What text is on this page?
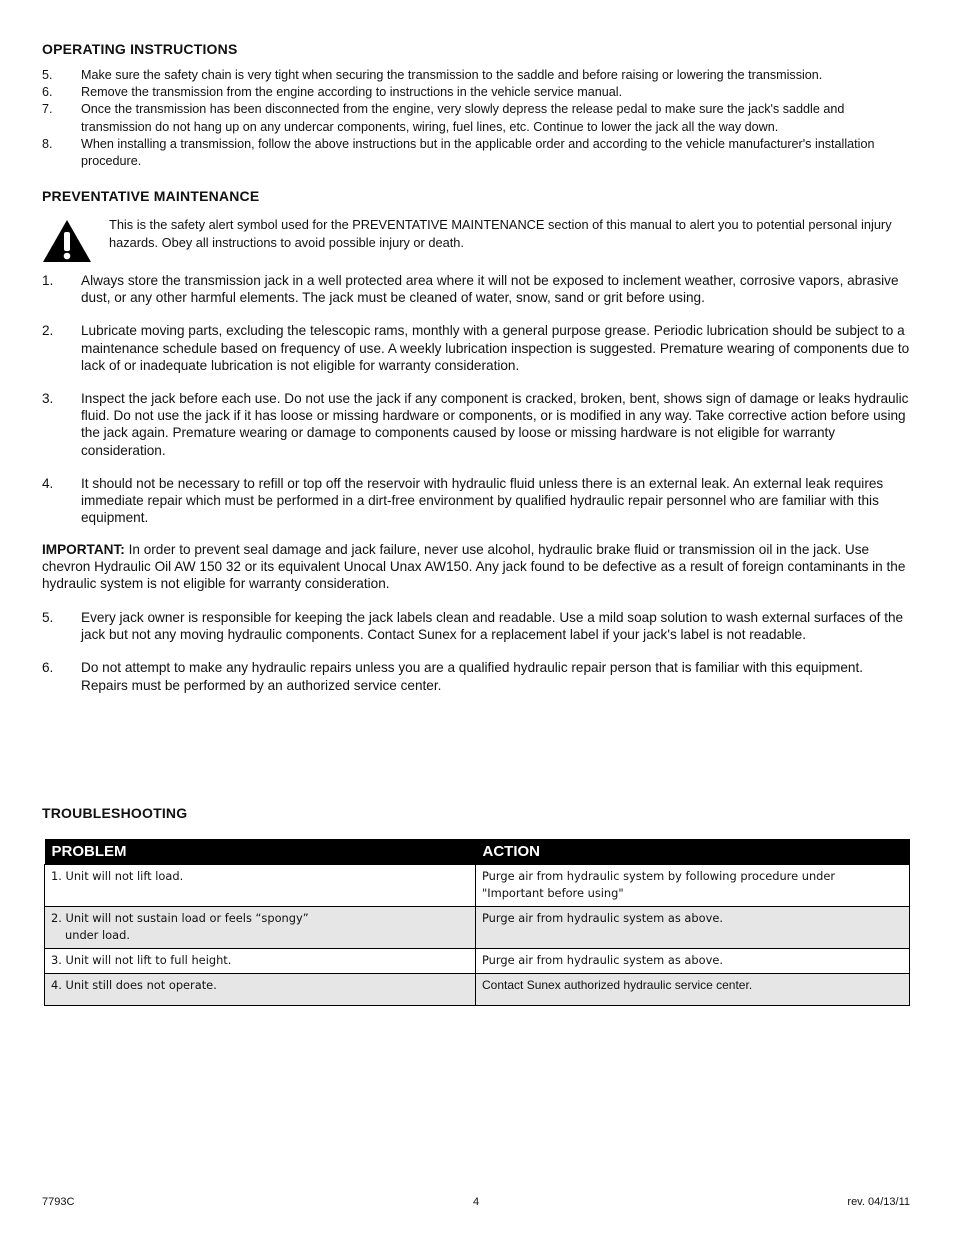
OPERATING INSTRUCTIONS
5.	Make sure the safety chain is very tight when securing the transmission to the saddle and before raising or lowering the transmission.
6.	Remove the transmission from the engine according to instructions in the vehicle service manual.
7.	Once the transmission has been disconnected from the engine, very slowly depress the release pedal to make sure the jack's saddle and transmission do not hang up on any undercar components, wiring, fuel lines, etc. Continue to lower the jack all the way down.
8.	When installing a transmission, follow the above instructions but in the applicable order and according to the vehicle manufacturer's installation procedure.
PREVENTATIVE MAINTENANCE

This is the safety alert symbol used for the PREVENTATIVE MAINTENANCE section of this manual to alert you to potential personal injury hazards. Obey all instructions to avoid possible injury or death.

1.	Always store the transmission jack in a well protected area where it will not be exposed to inclement weather, corrosive vapors, abrasive dust, or any other harmful elements. The jack must be cleaned of water, snow, sand or grit before using.
2.	Lubricate moving parts, excluding the telescopic rams, monthly with a general purpose grease. Periodic lubrication should be subject to a maintenance schedule based on frequency of use. A weekly lubrication inspection is suggested. Premature wearing of components due to lack of or inadequate lubrication is not eligible for warranty consideration.
3.	Inspect the jack before each use. Do not use the jack if any component is cracked, broken, bent, shows sign of damage or leaks hydraulic fluid. Do not use the jack if it has loose or missing hardware or components, or is modified in any way. Take corrective action before using the jack again. Premature wearing or damage to components caused by loose or missing hardware is not eligible for warranty consideration.
4.	It should not be necessary to refill or top off the reservoir with hydraulic fluid unless there is an external leak. An external leak requires immediate repair which must be performed in a dirt-free environment by qualified hydraulic repair personnel who are familiar with this equipment.

IMPORTANT: In order to prevent seal damage and jack failure, never use alcohol, hydraulic brake fluid or transmission oil in the jack. Use chevron Hydraulic Oil AW 150 32 or its equivalent Unocal Unax AW150. Any jack found to be defective as a result of foreign contaminants in the hydraulic system is not eligible for warranty consideration.

5.	Every jack owner is responsible for keeping the jack labels clean and readable. Use a mild soap solution to wash external surfaces of the jack but not any moving hydraulic components. Contact Sunex for a replacement label if your jack's label is not readable.
6.	Do not attempt to make any hydraulic repairs unless you are a qualified hydraulic repair person that is familiar with this equipment. Repairs must be performed by an authorized service center.
TROUBLESHOOTING
PROBLEM	ACTION

1. Unit will not lift load.	Purge air from hydraulic system by following procedure under
"Important before using"

2. Unit will not sustain load or feels “spongy”
under load.	Purge air from hydraulic system as above.

3. Unit will not lift to full height.	Purge air from hydraulic system as above.

4. Unit still does not operate.	Contact Sunex authorized hydraulic service center.
7793C	4	rev. 04/13/11
